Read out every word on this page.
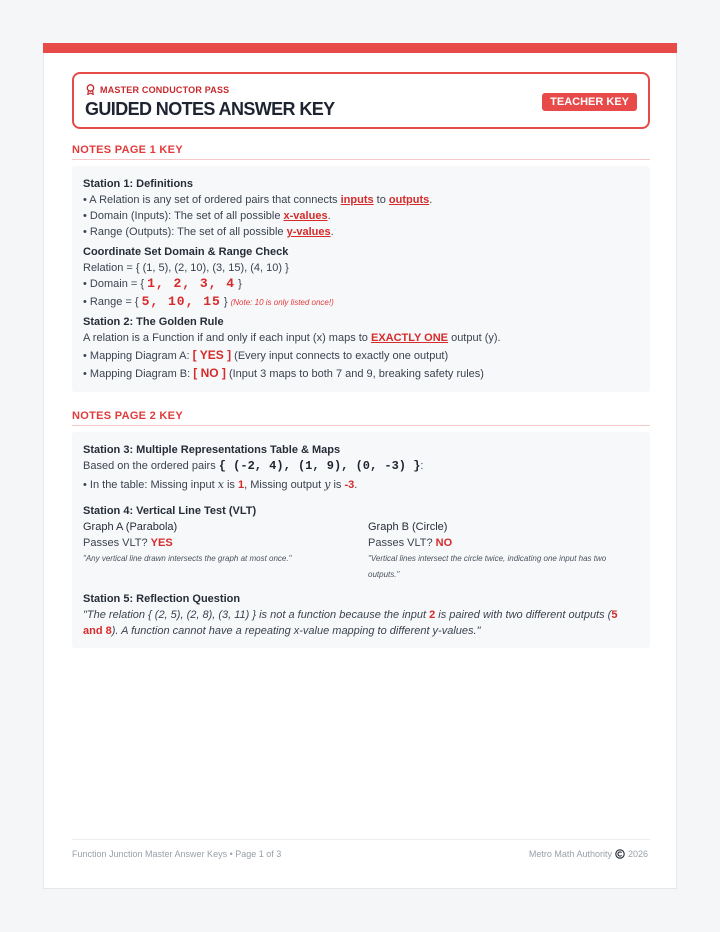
MASTER CONDUCTOR PASS
GUIDED NOTES ANSWER KEY	TEACHER KEY
NOTES PAGE 1 KEY
Station 1: Definitions
• A Relation is any set of ordered pairs that connects inputs to outputs.
• Domain (Inputs): The set of all possible x-values.
• Range (Outputs): The set of all possible y-values.
Coordinate Set Domain & Range Check
Relation = { (1, 5), (2, 10), (3, 15), (4, 10) }
• Domain = { 1, 2, 3, 4 }
• Range = { 5, 10, 15 } (Note: 10 is only listed once!)
Station 2: The Golden Rule
A relation is a Function if and only if each input (x) maps to EXACTLY ONE output (y).
• Mapping Diagram A: [ YES ] (Every input connects to exactly one output)
• Mapping Diagram B: [ NO ] (Input 3 maps to both 7 and 9, breaking safety rules)
NOTES PAGE 2 KEY
Station 3: Multiple Representations Table & Maps
Based on the ordered pairs { (-2, 4), (1, 9), (0, -3) }:
• In the table: Missing input x is 1, Missing output y is -3.
Station 4: Vertical Line Test (VLT)
Graph A (Parabola)
Passes VLT? YES
"Any vertical line drawn intersects the graph at most once."
Graph B (Circle)
Passes VLT? NO
"Vertical lines intersect the circle twice, indicating one input has two outputs."
Station 5: Reflection Question
"The relation { (2, 5), (2, 8), (3, 11) } is not a function because the input 2 is paired with two different outputs (5 and 8). A function cannot have a repeating x-value mapping to different y-values."
Function Junction Master Answer Keys • Page 1 of 3	Metro Math Authority 2026
